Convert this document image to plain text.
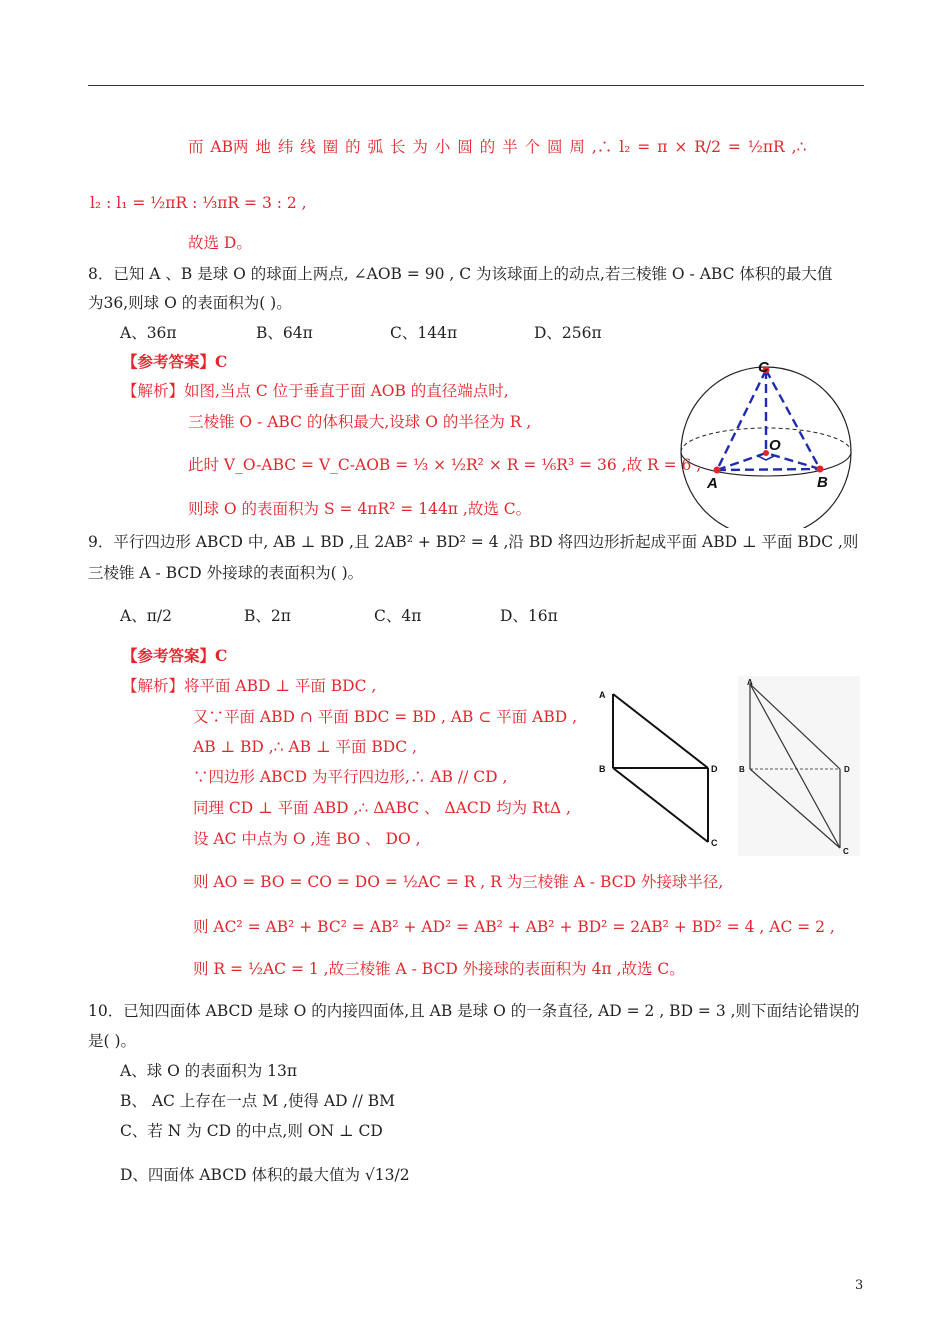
而 AB两 地 纬 线 圈 的 弧 长 为 小 圆 的 半 个 圆 周 ,∴ l₂ = π × R/2 = ½πR ,∴
l₂ : l₁ = ½πR : ⅓πR = 3 : 2 ,
故选 D。
8．已知 A 、B 是球 O 的球面上两点, ∠AOB = 90 , C 为该球面上的动点,若三棱锥 O - ABC 体积的最大值
为36,则球 O 的表面积为( )。
A、36π	B、64π	C、144π	D、256π
【参考答案】C
【解析】如图,当点 C 位于垂直于面 AOB 的直径端点时,
三棱锥 O - ABC 的体积最大,设球 O 的半径为 R ,
此时 V_O-ABC = V_C-AOB = ⅓ × ½R² × R = ⅙R³ = 36 ,故 R = 6 ,
则球 O 的表面积为 S = 4πR² = 144π ,故选 C。
C
O
A	B
9．平行四边形 ABCD 中, AB ⊥ BD ,且 2AB² + BD² = 4 ,沿 BD 将四边形折起成平面 ABD ⊥ 平面 BDC ,则
三棱锥 A - BCD 外接球的表面积为( )。
A、π/2	B、2π	C、4π	D、16π
【参考答案】C
【解析】将平面 ABD ⊥ 平面 BDC ,
又∵平面 ABD ∩ 平面 BDC = BD , AB ⊂ 平面 ABD ,
AB ⊥ BD ,∴ AB ⊥ 平面 BDC ,
∵四边形 ABCD 为平行四边形,∴ AB // CD ,
同理 CD ⊥ 平面 ABD ,∴ ΔABC 、 ΔACD 均为 RtΔ ,
设 AC 中点为 O ,连 BO 、 DO ,
则 AO = BO = CO = DO = ½AC = R , R 为三棱锥 A - BCD 外接球半径,
则 AC² = AB² + BC² = AB² + AD² = AB² + AB² + BD² = 2AB² + BD² = 4 , AC = 2 ,
则 R = ½AC = 1 ,故三棱锥 A - BCD 外接球的表面积为 4π ,故选 C。
A
B	D
C
A
B	D
C
10．已知四面体 ABCD 是球 O 的内接四面体,且 AB 是球 O 的一条直径, AD = 2 , BD = 3 ,则下面结论错误的
是( )。
A、球 O 的表面积为 13π
B、 AC 上存在一点 M ,使得 AD // BM
C、若 N 为 CD 的中点,则 ON ⊥ CD
D、四面体 ABCD 体积的最大值为 √13/2
3
